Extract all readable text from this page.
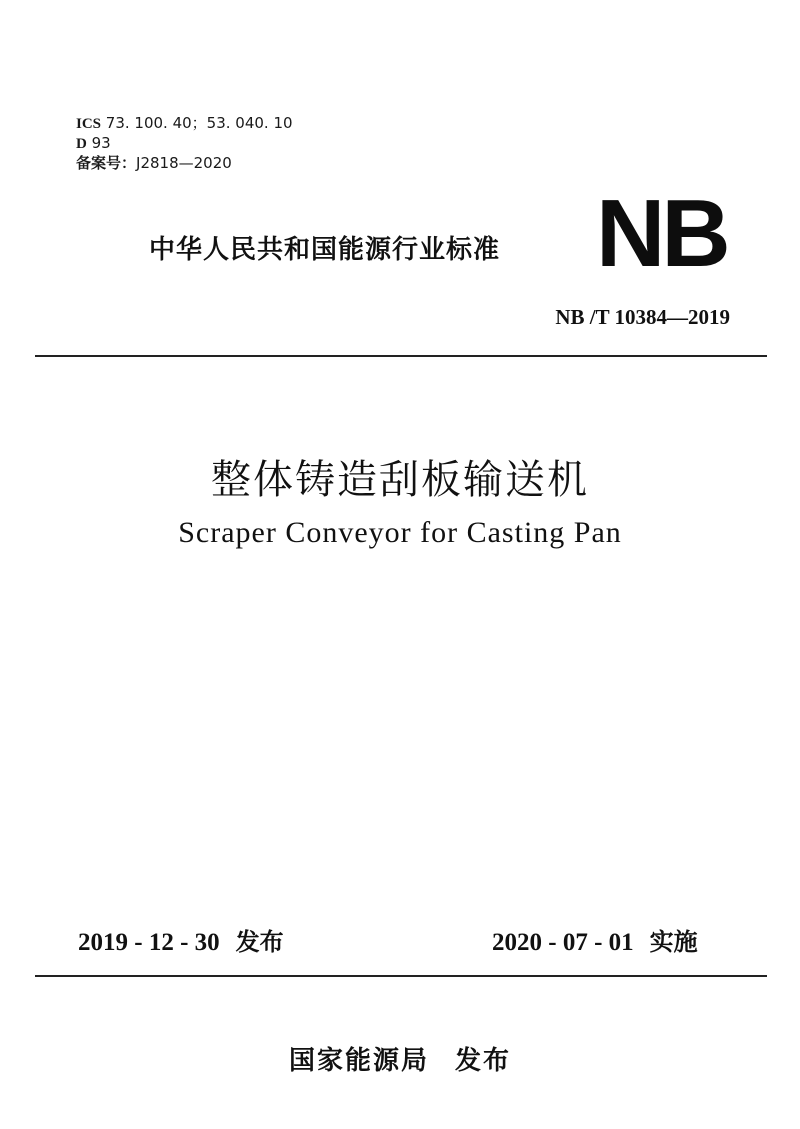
ICS 73. 100. 40；53. 040. 10
D 93
备案号：J2818—2020
中华人民共和国能源行业标准 NB
NB /T 10384—2019
整体铸造刮板输送机
Scraper Conveyor for Casting Pan
2019 - 12 - 30 发布	2020 - 07 - 01 实施
国家能源局 发布
